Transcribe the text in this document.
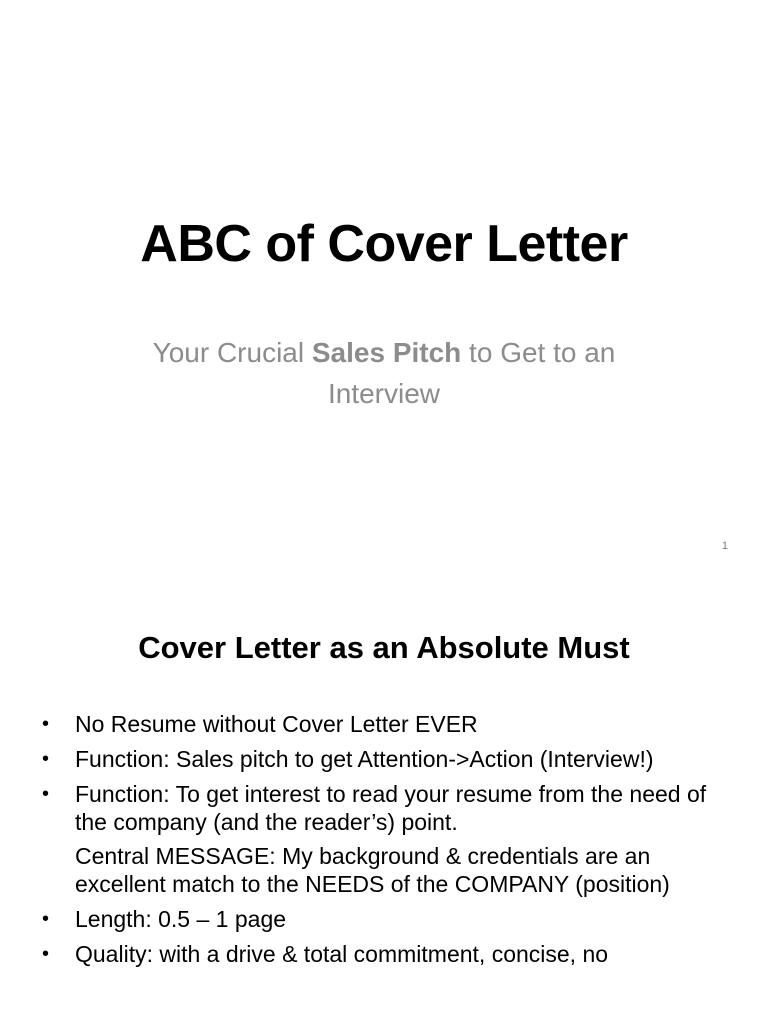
ABC of Cover Letter
Your Crucial Sales Pitch to Get to an Interview
1
Cover Letter as an Absolute Must
•	No Resume without Cover Letter EVER
•	Function: Sales pitch to get Attention->Action (Interview!)
•	Function: To get interest to read your resume from the need of the company (and the reader’s) point.
Central MESSAGE: My background & credentials are an excellent match to the NEEDS of the COMPANY (position)
•	Length: 0.5 – 1 page
•	Quality: with a drive & total commitment, concise, no
